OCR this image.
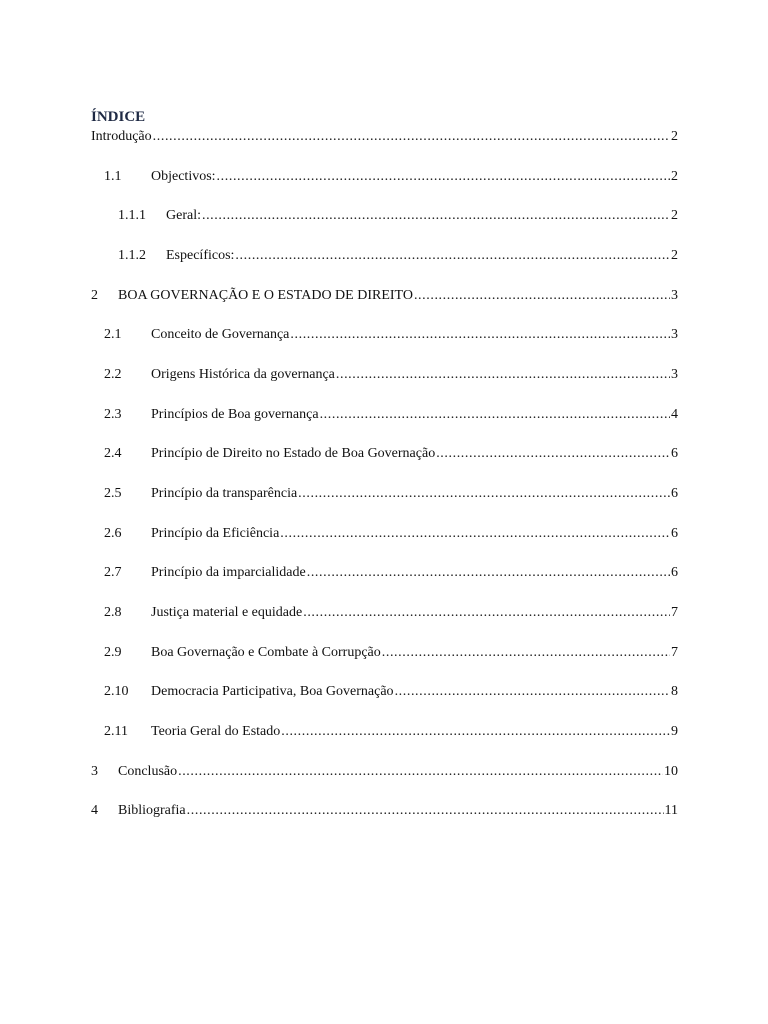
ÍNDICE
Introdução .....	2
1.1	Objectivos: .....	2
1.1.1	Geral: .....	2
1.1.2	Específicos: .....	2
2	BOA GOVERNAÇÃO E O ESTADO DE DIREITO .....	3
2.1	Conceito de Governança .....	3
2.2	Origens Histórica da governança .....	3
2.3	Princípios de Boa governança .....	4
2.4	Princípio de Direito no Estado de Boa Governação .....	6
2.5	Princípio da transparência .....	6
2.6	Princípio da Eficiência .....	6
2.7	Princípio da imparcialidade .....	6
2.8	Justiça material e equidade .....	7
2.9	Boa Governação e Combate à Corrupção .....	7
2.10	Democracia Participativa, Boa Governação .....	8
2.11	Teoria Geral do Estado .....	9
3	Conclusão .....	10
4	Bibliografia .....	11
